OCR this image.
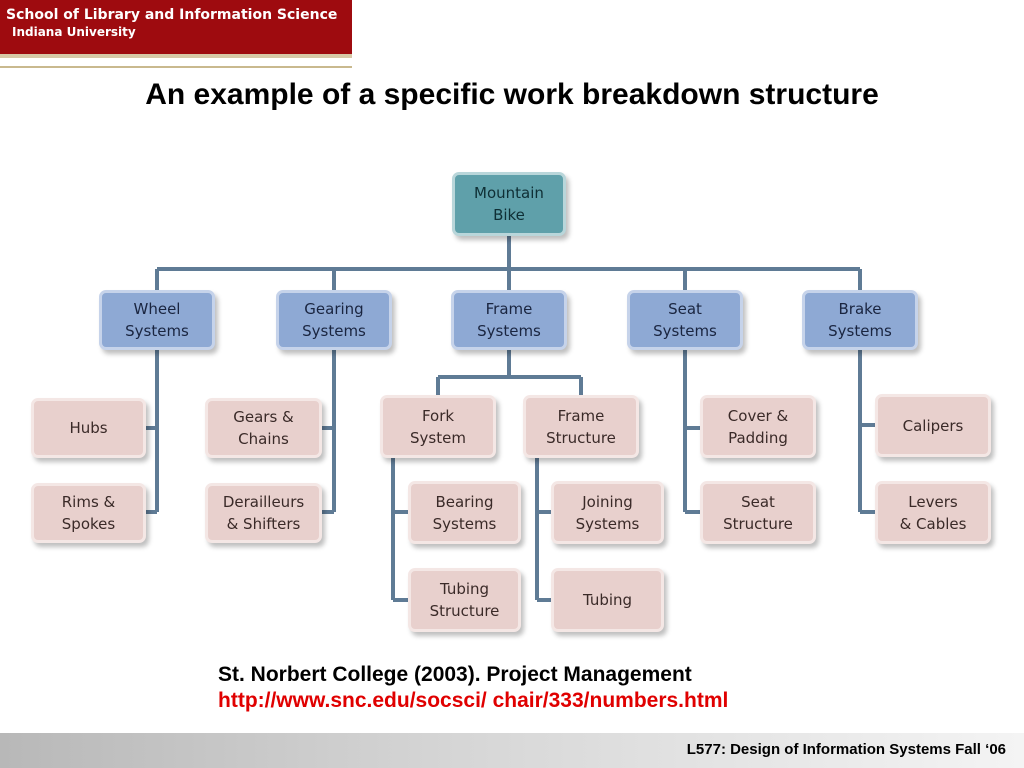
School of Library and Information Science
Indiana University
An example of a specific work breakdown structure
Mountain
Bike
Wheel
Systems
Gearing
Systems
Frame
Systems
Seat
Systems
Brake
Systems
Hubs
Rims &
Spokes
Gears &
Chains
Derailleurs
& Shifters
Fork
System
Frame
Structure
Bearing
Systems
Tubing
Structure
Joining
Systems
Tubing
Cover &
Padding
Seat
Structure
Calipers
Levers
& Cables
St. Norbert College (2003). Project Management
http://www.snc.edu/socsci/ chair/333/numbers.html
L577: Design of Information Systems Fall ‘06
